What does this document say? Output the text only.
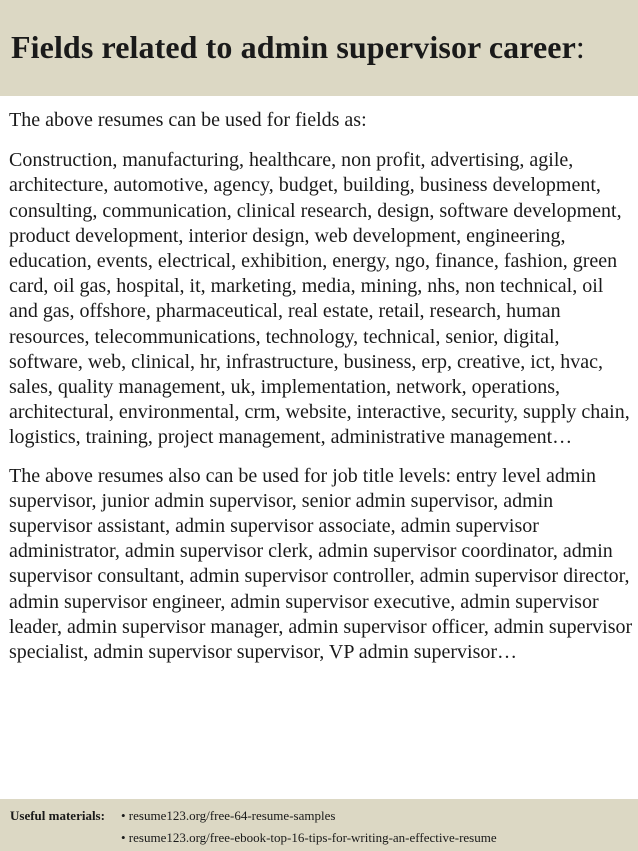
Fields related to admin supervisor career:

The above resumes can be used for fields as:

Construction, manufacturing, healthcare, non profit, advertising, agile, architecture, automotive, agency, budget, building, business development, consulting, communication, clinical research, design, software development, product development, interior design, web development, engineering, education, events, electrical, exhibition, energy, ngo, finance, fashion, green card, oil gas, hospital, it, marketing, media, mining, nhs, non technical, oil and gas, offshore, pharmaceutical, real estate, retail, research, human resources, telecommunications, technology, technical, senior, digital, software, web, clinical, hr, infrastructure, business, erp, creative, ict, hvac, sales, quality management, uk, implementation, network, operations, architectural, environmental, crm, website, interactive, security, supply chain, logistics, training, project management, administrative management…

The above resumes also can be used for job title levels: entry level admin supervisor, junior admin supervisor, senior admin supervisor, admin supervisor assistant, admin supervisor associate, admin supervisor administrator, admin supervisor clerk, admin supervisor coordinator, admin supervisor consultant, admin supervisor controller, admin supervisor director, admin supervisor engineer, admin supervisor executive, admin supervisor leader, admin supervisor manager, admin supervisor officer, admin supervisor specialist, admin supervisor supervisor, VP admin supervisor…

Useful materials: • resume123.org/free-64-resume-samples
• resume123.org/free-ebook-top-16-tips-for-writing-an-effective-resume
